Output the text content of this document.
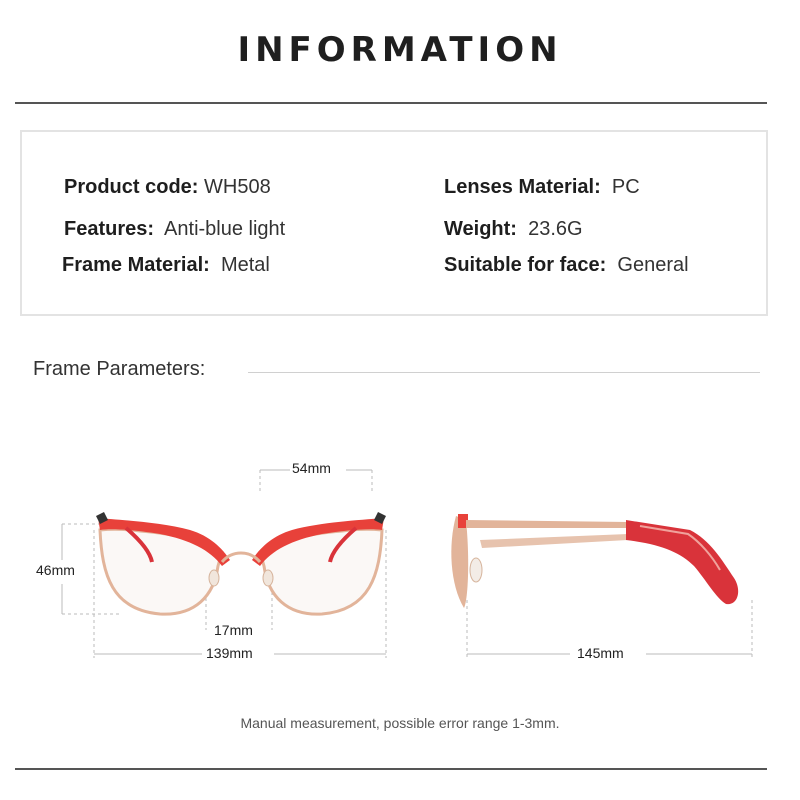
INFORMATION
Product code: WH508
Features: Anti-blue light
Frame Material: Metal
Lenses Material: PC
Weight: 23.6G
Suitable for face: General
Frame Parameters:
54mm
46mm
17mm
139mm	145mm
Manual measurement, possible error range 1-3mm.
